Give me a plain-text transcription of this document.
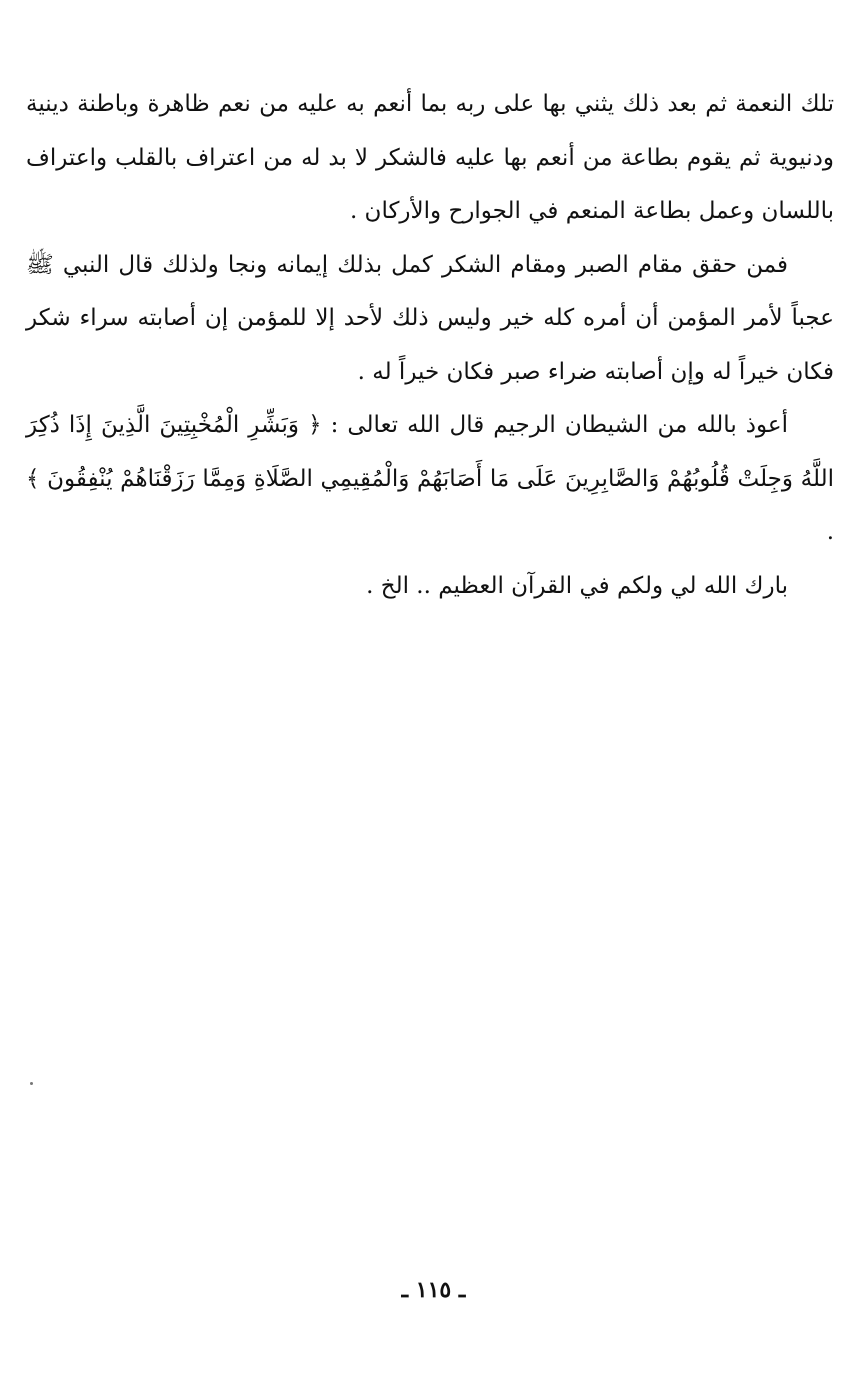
تلك النعمة ثم بعد ذلك يثني بها على ربه بما أنعم به عليه من نعم ظاهرة وباطنة دينية ودنيوية ثم يقوم بطاعة من أنعم بها عليه فالشكر لا بد له من اعتراف بالقلب واعتراف باللسان وعمل بطاعة المنعم في الجوارح والأركان .

فمن حقق مقام الصبر ومقام الشكر كمل بذلك إيمانه ونجا ولذلك قال النبي ﷺ عجباً لأمر المؤمن أن أمره كله خير وليس ذلك لأحد إلا للمؤمن إن أصابته سراء شكر فكان خيراً له وإن أصابته ضراء صبر فكان خيراً له .

أعوذ بالله من الشيطان الرجيم قال الله تعالى : ﴿ وَبَشِّرِ الْمُخْبِتِينَ الَّذِينَ إِذَا ذُكِرَ اللَّهُ وَجِلَتْ قُلُوبُهُمْ وَالصَّابِرِينَ عَلَى مَا أَصَابَهُمْ وَالْمُقِيمِي الصَّلَاةِ وَمِمَّا رَزَقْنَاهُمْ يُنْفِقُونَ ﴾ .

بارك الله لي ولكم في القرآن العظيم .. الخ .

ـ ١١٥ ـ
